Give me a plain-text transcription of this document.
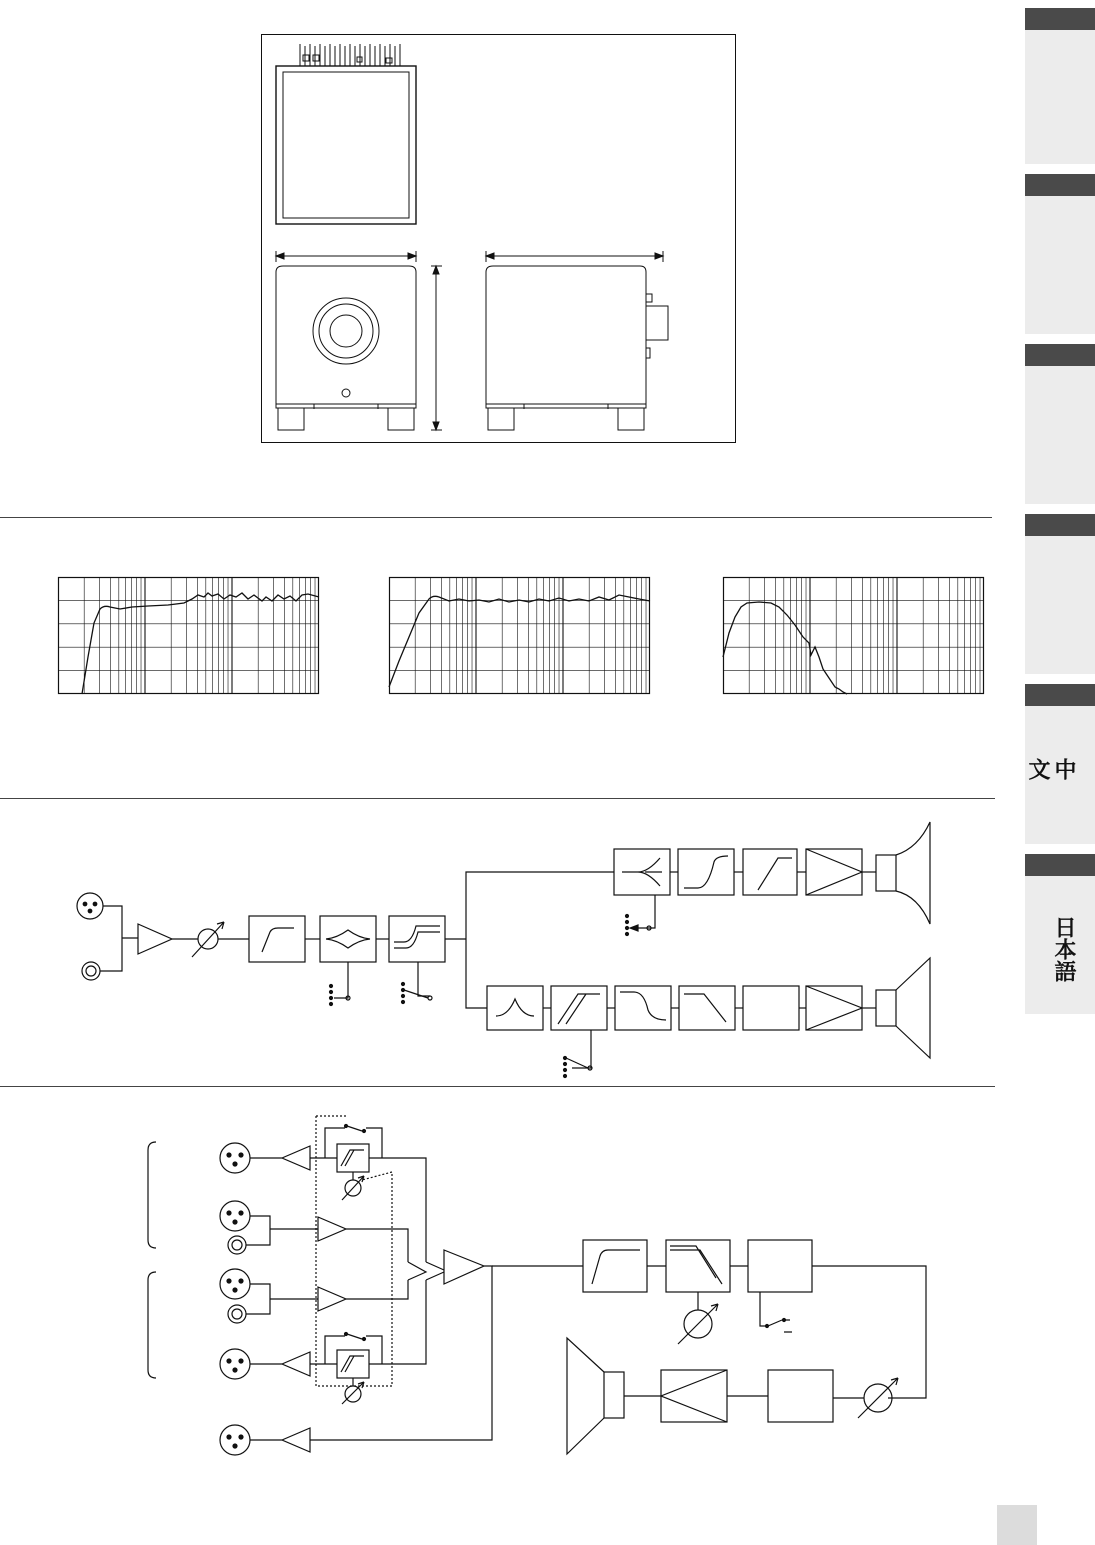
中 文
日本語
